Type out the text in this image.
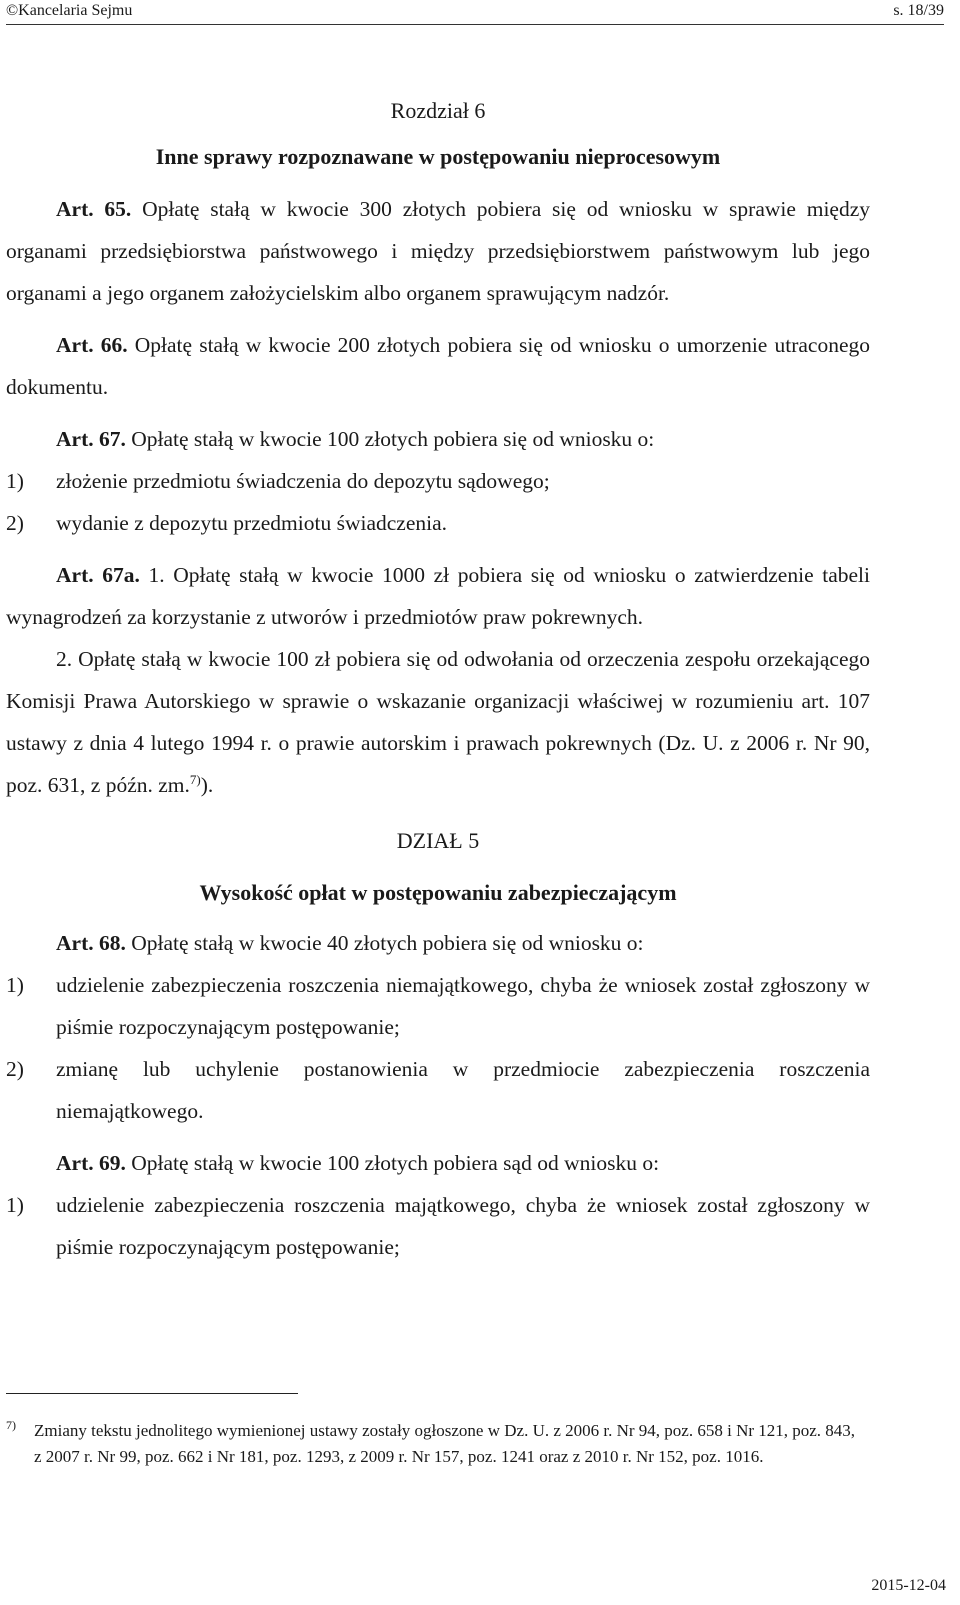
©Kancelaria Sejmu	s. 18/39

Rozdział 6

Inne sprawy rozpoznawane w postępowaniu nieprocesowym

Art. 65. Opłatę stałą w kwocie 300 złotych pobiera się od wniosku w sprawie między organami przedsiębiorstwa państwowego i między przedsiębiorstwem państwowym lub jego organami a jego organem założycielskim albo organem sprawującym nadzór.

Art. 66. Opłatę stałą w kwocie 200 złotych pobiera się od wniosku o umorzenie utraconego dokumentu.

Art. 67. Opłatę stałą w kwocie 100 złotych pobiera się od wniosku o:

1)	złożenie przedmiotu świadczenia do depozytu sądowego;
2)	wydanie z depozytu przedmiotu świadczenia.

Art. 67a. 1. Opłatę stałą w kwocie 1000 zł pobiera się od wniosku o zatwierdzenie tabeli wynagrodzeń za korzystanie z utworów i przedmiotów praw pokrewnych.

2. Opłatę stałą w kwocie 100 zł pobiera się od odwołania od orzeczenia zespołu orzekającego Komisji Prawa Autorskiego w sprawie o wskazanie organizacji właściwej w rozumieniu art. 107 ustawy z dnia 4 lutego 1994 r. o prawie autorskim i prawach pokrewnych (Dz. U. z 2006 r. Nr 90, poz. 631, z późn. zm.$^{7)}$).

DZIAŁ 5

Wysokość opłat w postępowaniu zabezpieczającym

Art. 68. Opłatę stałą w kwocie 40 złotych pobiera się od wniosku o:

1)	udzielenie zabezpieczenia roszczenia niemajątkowego, chyba że wniosek został zgłoszony w piśmie rozpoczynającym postępowanie;
2)	zmianę lub uchylenie postanowienia w przedmiocie zabezpieczenia roszczenia niemajątkowego.

Art. 69. Opłatę stałą w kwocie 100 złotych pobiera sąd od wniosku o:

1)	udzielenie zabezpieczenia roszczenia majątkowego, chyba że wniosek został zgłoszony w piśmie rozpoczynającym postępowanie;
7)	Zmiany tekstu jednolitego wymienionej ustawy zostały ogłoszone w Dz. U. z 2006 r. Nr 94, poz. 658 i Nr 121, poz. 843, z 2007 r. Nr 99, poz. 662 i Nr 181, poz. 1293, z 2009 r. Nr 157, poz. 1241 oraz z 2010 r. Nr 152, poz. 1016.
2015-12-04
